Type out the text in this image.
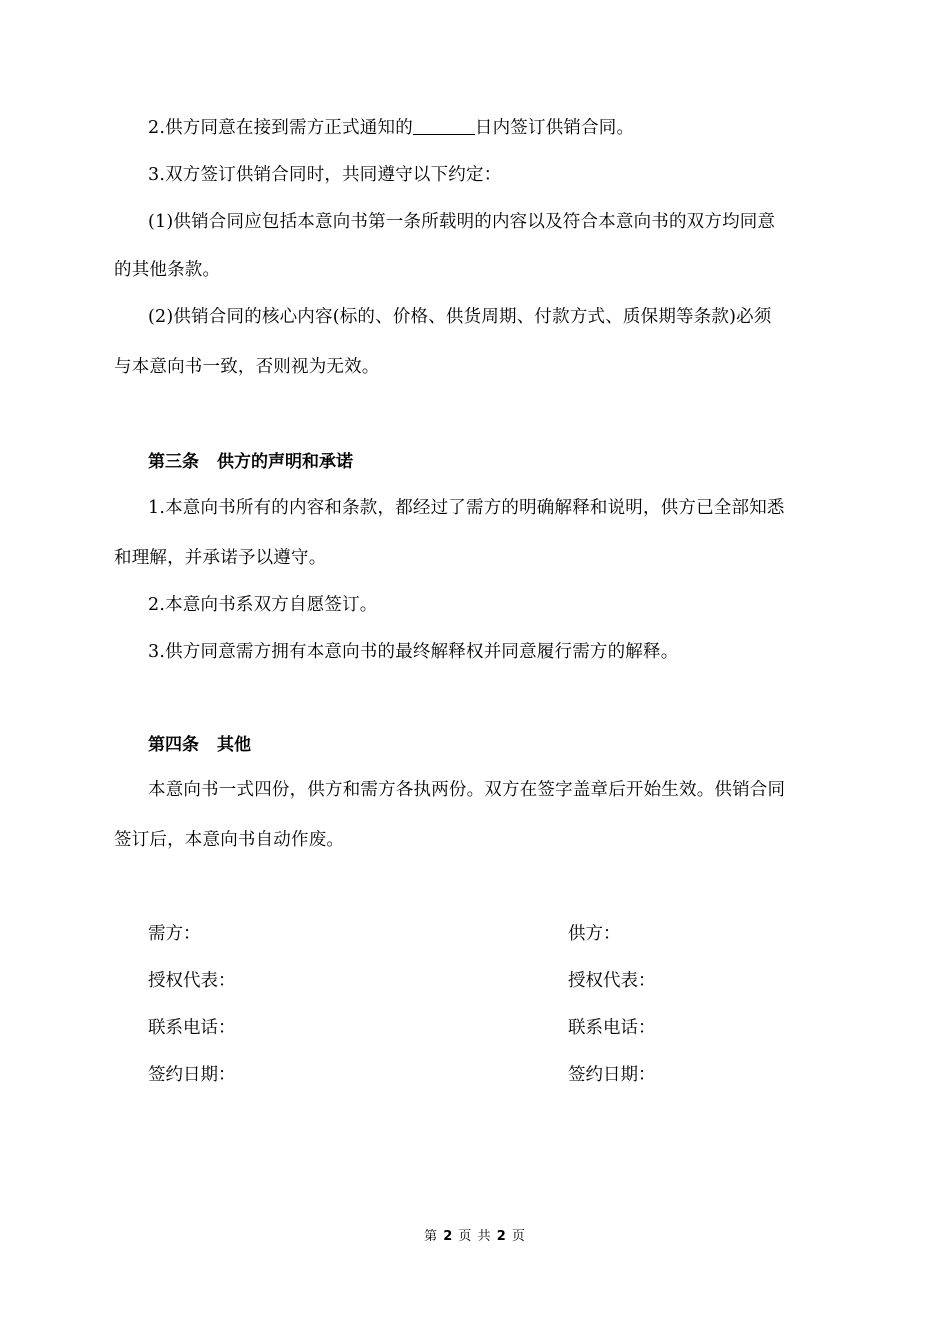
2.供方同意在接到需方正式通知的	日内签订供销合同。
3.双方签订供销合同时，共同遵守以下约定：
(1)供销合同应包括本意向书第一条所载明的内容以及符合本意向书的双方均同意
的其他条款。
(2)供销合同的核心内容(标的、价格、供货周期、付款方式、质保期等条款)必须
与本意向书一致，否则视为无效。
第三条 供方的声明和承诺
1.本意向书所有的内容和条款，都经过了需方的明确解释和说明，供方已全部知悉
和理解，并承诺予以遵守。
2.本意向书系双方自愿签订。
3.供方同意需方拥有本意向书的最终解释权并同意履行需方的解释。
第四条 其他
本意向书一式四份，供方和需方各执两份。双方在签字盖章后开始生效。供销合同
签订后，本意向书自动作废。
需方：
授权代表：
联系电话：
签约日期：
供方：
授权代表：
联系电话：
签约日期：
第 2 页 共 2 页
